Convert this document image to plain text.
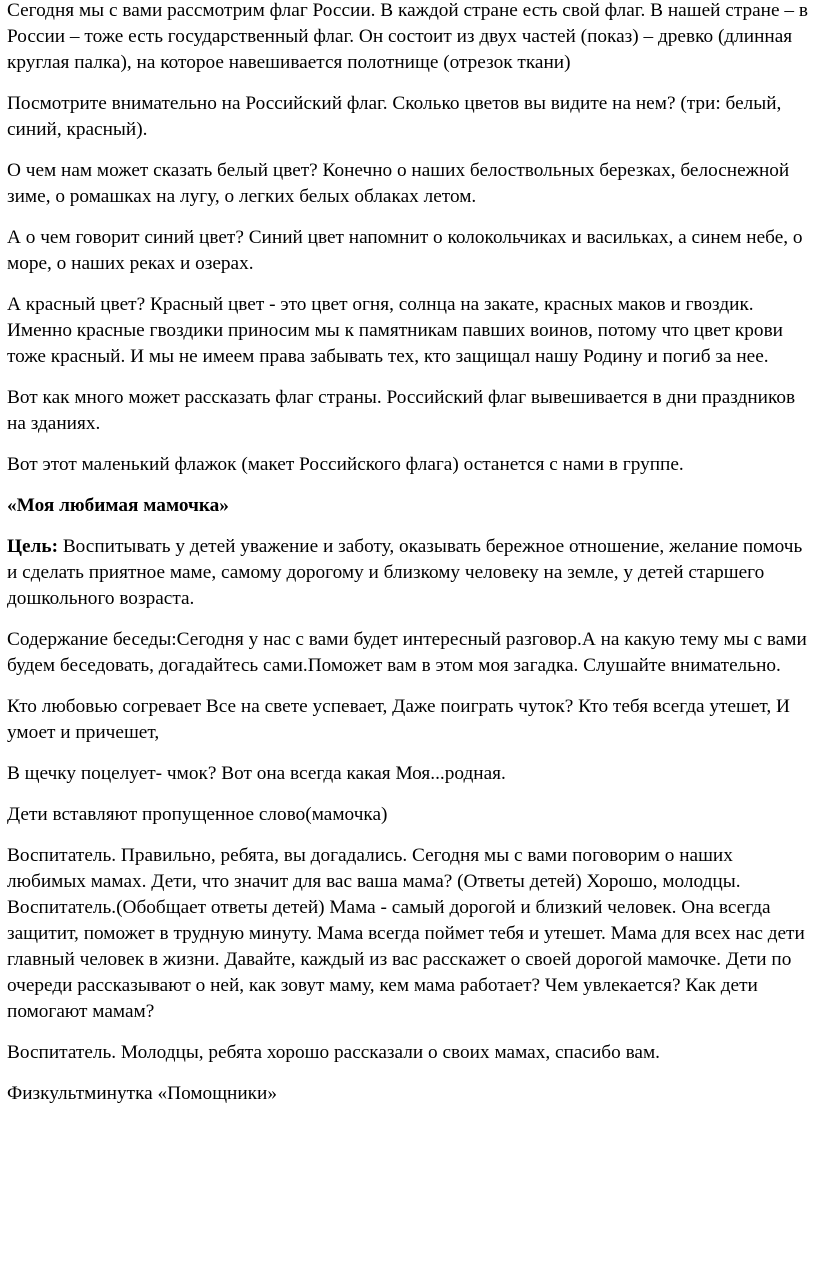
Сегодня мы с вами рассмотрим флаг России. В каждой стране есть свой флаг. В нашей стране – в России – тоже есть государственный флаг. Он состоит из двух частей (показ) – древко (длинная круглая палка), на которое навешивается полотнище (отрезок ткани)

Посмотрите внимательно на Российский флаг. Сколько цветов вы видите на нем? (три: белый, синий, красный).

О чем нам может сказать белый цвет? Конечно о наших белоствольных березках, белоснежной зиме, о ромашках на лугу, о легких белых облаках летом.

А о чем говорит синий цвет? Синий цвет напомнит о колокольчиках и васильках, а синем небе, о море, о наших реках и озерах.

А красный цвет? Красный цвет - это цвет огня, солнца на закате, красных маков и гвоздик. Именно красные гвоздики приносим мы к памятникам павших воинов, потому что цвет крови тоже красный. И мы не имеем права забывать тех, кто защищал нашу Родину и погиб за нее.

Вот как много может рассказать флаг страны. Российский флаг вывешивается в дни праздников на зданиях.

Вот этот маленький флажок (макет Российского флага) останется с нами в группе.

«Моя любимая мамочка»

Цель: Воспитывать у детей уважение и заботу, оказывать бережное отношение, желание помочь и сделать приятное маме, самому дорогому и близкому человеку на земле, у детей старшего дошкольного возраста.

Содержание беседы:Сегодня у нас с вами будет интересный разговор.А на какую тему мы с вами будем беседовать, догадайтесь сами.Поможет вам в этом моя загадка. Слушайте внимательно.

Кто любовью согревает Все на свете успевает, Даже поиграть чуток? Кто тебя всегда утешет, И умоет и причешет,

В щечку поцелует- чмок? Вот она всегда какая Моя...родная.

Дети вставляют пропущенное слово(мамочка)

Воспитатель. Правильно, ребята, вы догадались. Сегодня мы с вами поговорим о наших любимых мамах. Дети, что значит для вас ваша мама? (Ответы детей) Хорошо, молодцы. Воспитатель.(Обобщает ответы детей) Мама - самый дорогой и близкий человек. Она всегда защитит, поможет в трудную минуту. Мама всегда поймет тебя и утешет. Мама для всех нас дети главный человек в жизни. Давайте, каждый из вас расскажет о своей дорогой мамочке. Дети по очереди рассказывают о ней, как зовут маму, кем мама работает? Чем увлекается? Как дети помогают мамам?

Воспитатель. Молодцы, ребята хорошо рассказали о своих мамах, спасибо вам.

Физкультминутка «Помощники»
